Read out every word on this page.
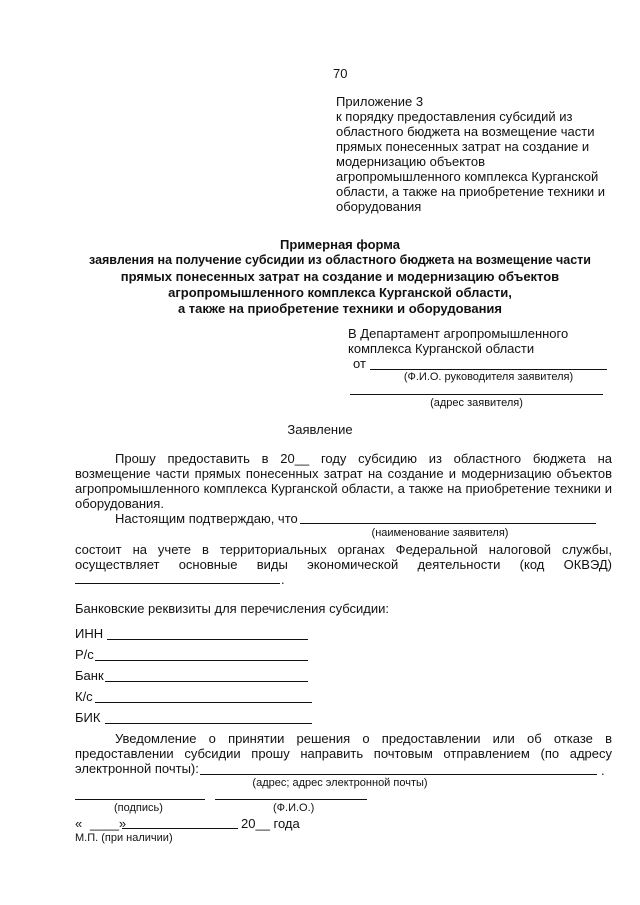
70
Приложение 3
к порядку предоставления субсидий из
областного бюджета на возмещение части
прямых понесенных затрат на создание и
модернизацию объектов
агропромышленного комплекса Курганской
области, а также на приобретение техники и
оборудования
Примерная форма
заявления на получение субсидии из областного бюджета на возмещение части
прямых понесенных затрат на создание и модернизацию объектов
агропромышленного комплекса Курганской области,
а также на приобретение техники и оборудования
В Департамент агропромышленного
комплекса Курганской области
от
(Ф.И.О. руководителя заявителя)
(адрес заявителя)
Заявление
Прошу предоставить в 20__ году субсидию из областного бюджета на
возмещение части прямых понесенных затрат на создание и модернизацию объектов
агропромышленного комплекса Курганской области, а также на приобретение техники и
оборудования.
Настоящим подтверждаю, что
(наименование заявителя)
состоит на учете в территориальных органах Федеральной налоговой службы,
осуществляет основные виды экономической деятельности (код ОКВЭД)
.
Банковские реквизиты для перечисления субсидии:
ИНН
Р/с
Банк
К/с
БИК
Уведомление о принятии решения о предоставлении или об отказе в
предоставлении субсидии прошу направить почтовым отправлением (по адресу
электронной почты):	.
(адрес; адрес электронной почты)
(подпись)	(Ф.И.О.)
« ____»	20__ года
М.П. (при наличии)
